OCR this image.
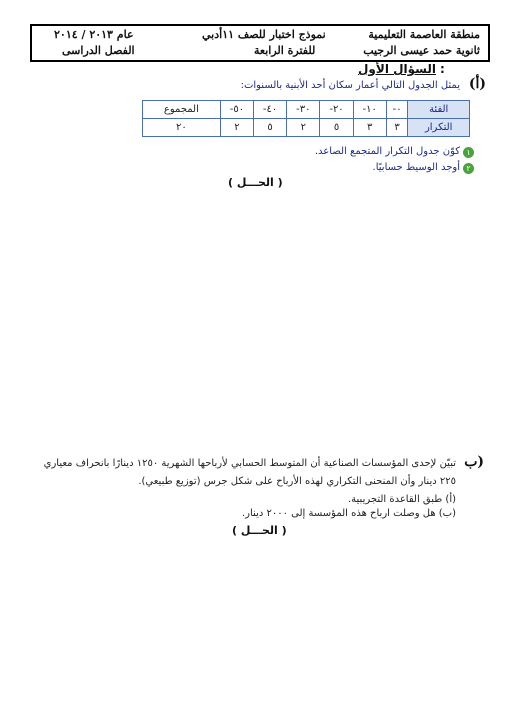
منطقة العاصمة التعليمية
ثانوية حمد عيسى الرجيب
نموذج اختبار للصف ١١أدبي
للفترة الرابعة
عام ٢٠١٣ / ٢٠١٤
الفصل الدراسى
السؤال الأول :
(أ)
يمثل الجدول التالي أعمار سكان أحد الأبنية بالسنوات:
الفئة	٠-	١٠-	٢٠-	٣٠-	٤٠-	٥٠-	المجموع
التكرار	٣	٣	٥	٢	٥	٢	٢٠
١
كوّن جدول التكرار المتجمع الصاعد.
٢
أوجد الوسيط حسابيًا.
( الحـــل )
(ب
تبيّن لإحدى المؤسسات الصناعية أن المتوسط الحسابي لأرباحها الشهرية ١٢٥٠ دينارًا بانحراف معياري
٢٢٥ دينار وأن المنحنى التكراري لهذه الأرباح على شكل جرس (توزيع طبيعي).
(أ) طبق القاعدة التجريبية.
(ب) هل وصلت ارباح هذه المؤسسة إلى ٢٠٠٠ دينار.
( الحـــل )
